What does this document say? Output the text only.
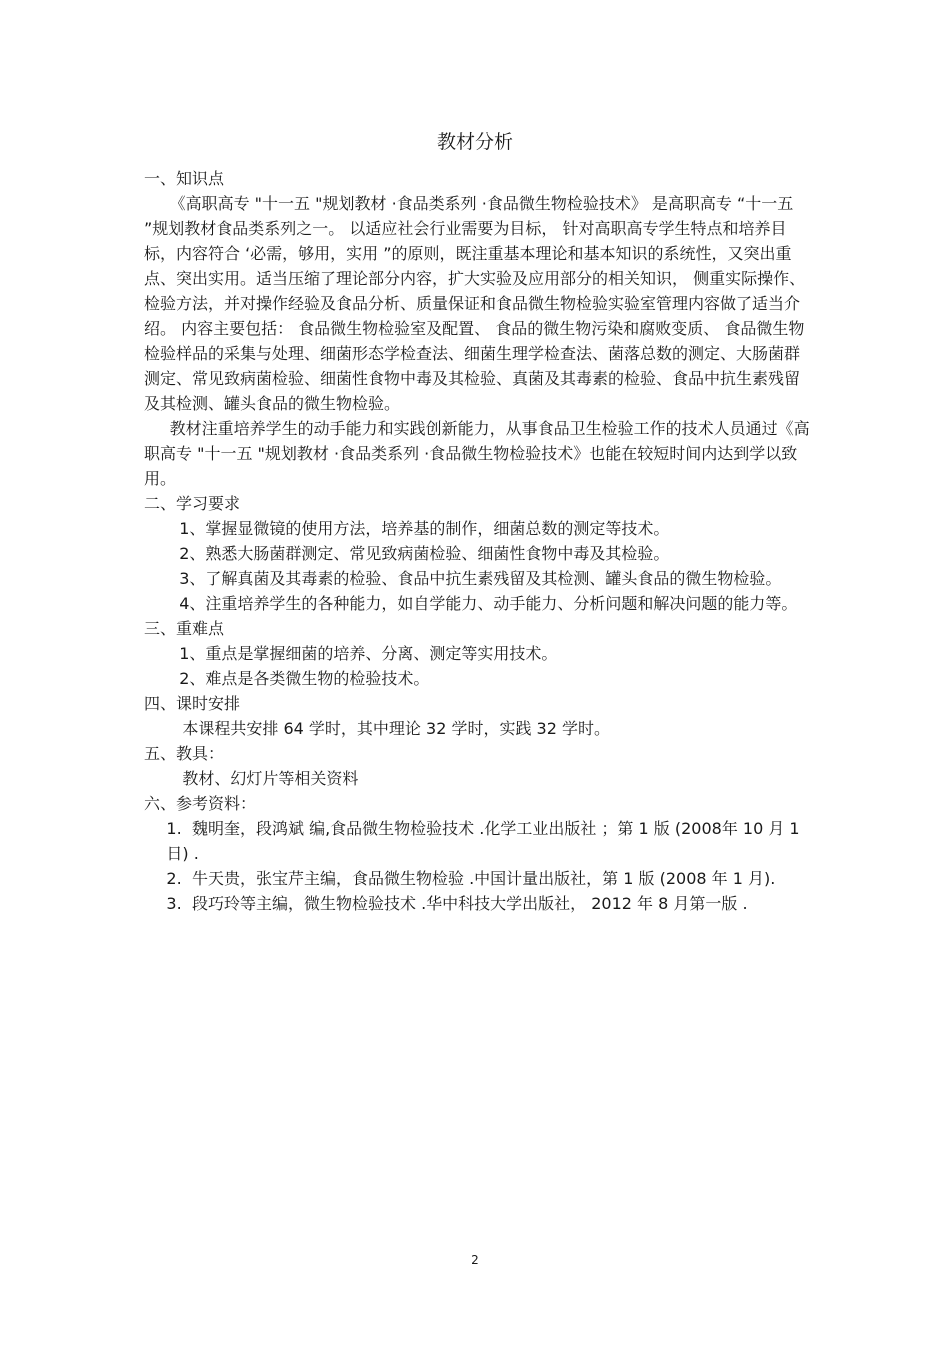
教材分析
一、知识点

《高职高专 "十一五 "规划教材 ·食品类系列 ·食品微生物检验技术》 是高职高专 “十一五 ”规划教材食品类系列之一。 以适应社会行业需要为目标， 针对高职高专学生特点和培养目标，内容符合 ‘必需，够用，实用 ”的原则，既注重基本理论和基本知识的系统性，又突出重点、突出实用。适当压缩了理论部分内容，扩大实验及应用部分的相关知识， 侧重实际操作、检验方法，并对操作经验及食品分析、质量保证和食品微生物检验实验室管理内容做了适当介绍。 内容主要包括： 食品微生物检验室及配置、 食品的微生物污染和腐败变质、 食品微生物检验样品的采集与处理、细菌形态学检查法、细菌生理学检查法、菌落总数的测定、大肠菌群测定、常见致病菌检验、细菌性食物中毒及其检验、真菌及其毒素的检验、食品中抗生素残留及其检测、罐头食品的微生物检验。

教材注重培养学生的动手能力和实践创新能力，从事食品卫生检验工作的技术人员通过《高职高专 "十一五 "规划教材 ·食品类系列 ·食品微生物检验技术》也能在较短时间内达到学以致用。

二、学习要求

1、掌握显微镜的使用方法，培养基的制作，细菌总数的测定等技术。

2、熟悉大肠菌群测定、常见致病菌检验、细菌性食物中毒及其检验。

3、了解真菌及其毒素的检验、食品中抗生素残留及其检测、罐头食品的微生物检验。

4、注重培养学生的各种能力，如自学能力、动手能力、分析问题和解决问题的能力等。

三、重难点

1、重点是掌握细菌的培养、分离、测定等实用技术。

2、难点是各类微生物的检验技术。

四、课时安排

本课程共安排 64 学时，其中理论 32 学时，实践 32 学时。

五、教具：

教材、幻灯片等相关资料

六、参考资料：

1. 魏明奎，段鸿斌 编,食品微生物检验技术 .化学工业出版社 ；第 1 版 (2008年 10 月 1 日) .

2. 牛天贵，张宝芹主编，食品微生物检验 .中国计量出版社，第 1 版 (2008 年 1 月).

3. 段巧玲等主编，微生物检验技术 .华中科技大学出版社， 2012 年 8 月第一版 .

2
